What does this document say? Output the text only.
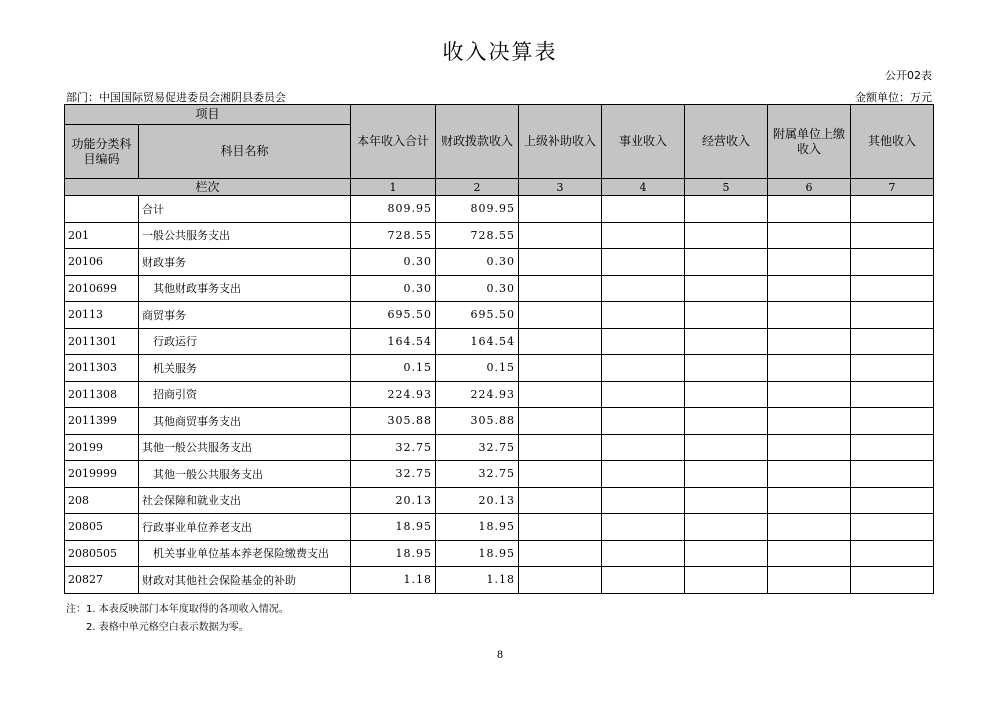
收入决算表
公开02表
部门：中国国际贸易促进委员会湘阴县委员会	金额单位：万元
项目		本年收入合计	财政拨款收入	上级补助收入	事业收入	经营收入	附属单位上缴收入	其他收入
功能分类科目编码	科目名称							
栏次		1	2	3	4	5	6	7
	合计	809.95	809.95					
201	一般公共服务支出	728.55	728.55					
20106	财政事务	0.30	0.30					
2010699	其他财政事务支出	0.30	0.30					
20113	商贸事务	695.50	695.50					
2011301	行政运行	164.54	164.54					
2011303	机关服务	0.15	0.15					
2011308	招商引资	224.93	224.93					
2011399	其他商贸事务支出	305.88	305.88					
20199	其他一般公共服务支出	32.75	32.75					
2019999	其他一般公共服务支出	32.75	32.75					
208	社会保障和就业支出	20.13	20.13					
20805	行政事业单位养老支出	18.95	18.95					
2080505	机关事业单位基本养老保险缴费支出	18.95	18.95					
20827	财政对其他社会保险基金的补助	1.18	1.18					
注：1. 本表反映部门本年度取得的各项收入情况。
2. 表格中单元格空白表示数据为零。
8
